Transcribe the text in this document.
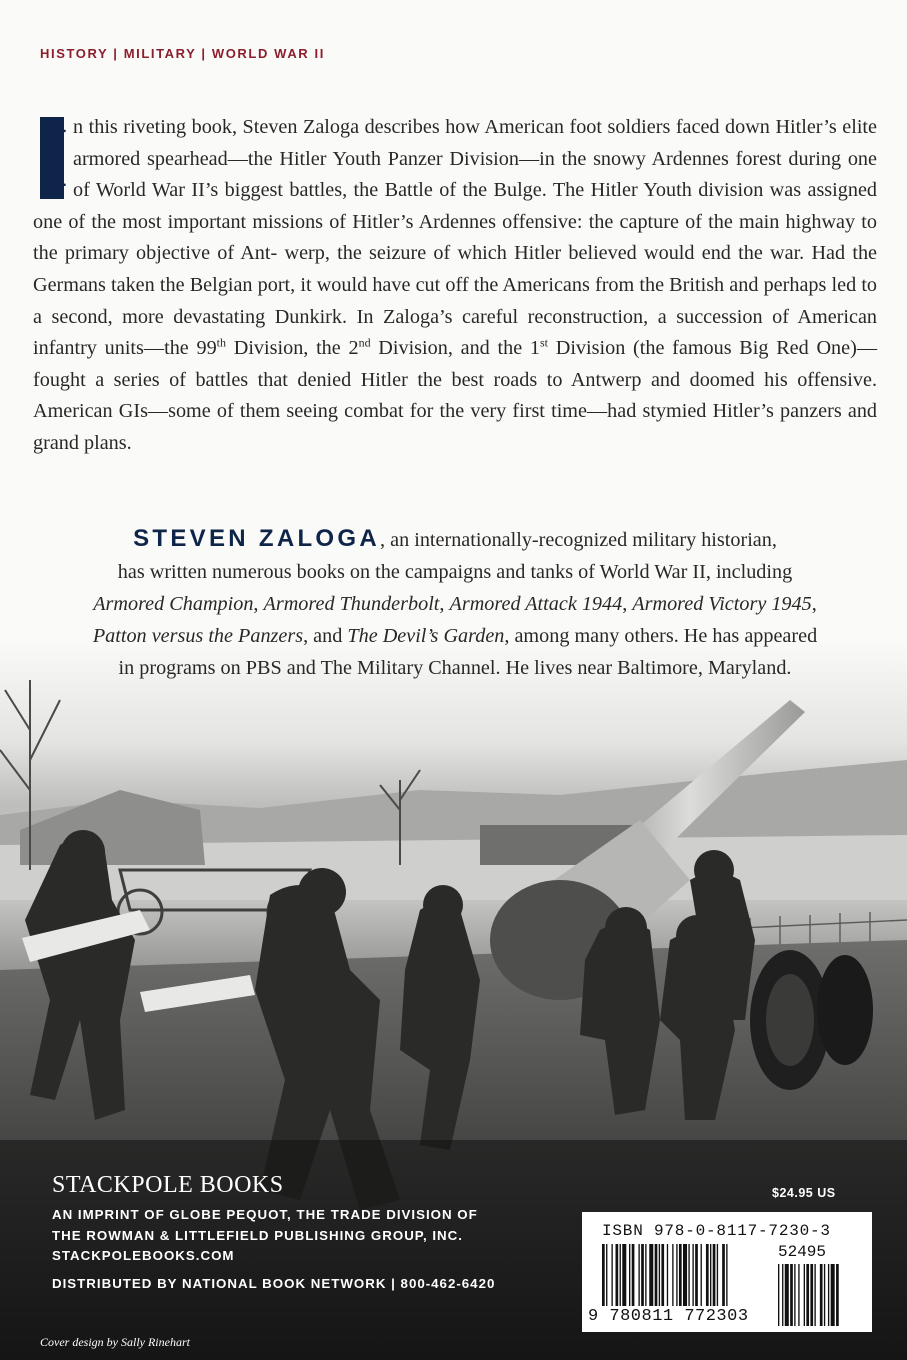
HISTORY | MILITARY | WORLD WAR II
I n this riveting book, Steven Zaloga describes how American foot soldiers faced down Hitler’s elite armored spearhead—the Hitler Youth Panzer Division—in the snowy Ardennes forest during one of World War II’s biggest battles, the Battle of the Bulge. The Hitler Youth division was assigned one of the most important missions of Hitler’s Ardennes offensive: the capture of the main highway to the primary objective of Ant- werp, the seizure of which Hitler believed would end the war. Had the Germans taken the Belgian port, it would have cut off the Americans from the British and perhaps led to a second, more devastating Dunkirk. In Zaloga’s careful reconstruction, a succession of American infantry units—the 99th Division, the 2nd Division, and the 1st Division (the famous Big Red One)—fought a series of battles that denied Hitler the best roads to Antwerp and doomed his offensive. American GIs—some of them seeing combat for the very first time—had stymied Hitler’s panzers and grand plans.
STEVEN ZALOGA, an internationally-recognized military historian,
has written numerous books on the campaigns and tanks of World War II, including
Armored Champion, Armored Thunderbolt, Armored Attack 1944, Armored Victory 1945,
Patton versus the Panzers, and The Devil’s Garden, among many others. He has appeared
in programs on PBS and The Military Channel. He lives near Baltimore, Maryland.
STACKPOLE BOOKS
AN IMPRINT OF GLOBE PEQUOT, THE TRADE DIVISION OF
THE ROWMAN & LITTLEFIELD PUBLISHING GROUP, INC.
STACKPOLEBOOKS.COM
DISTRIBUTED BY NATIONAL BOOK NETWORK | 800-462-6420
Cover design by Sally Rinehart
$24.95 US
ISBN 978-0-8117-7230-3
52495
9 780811 772303
